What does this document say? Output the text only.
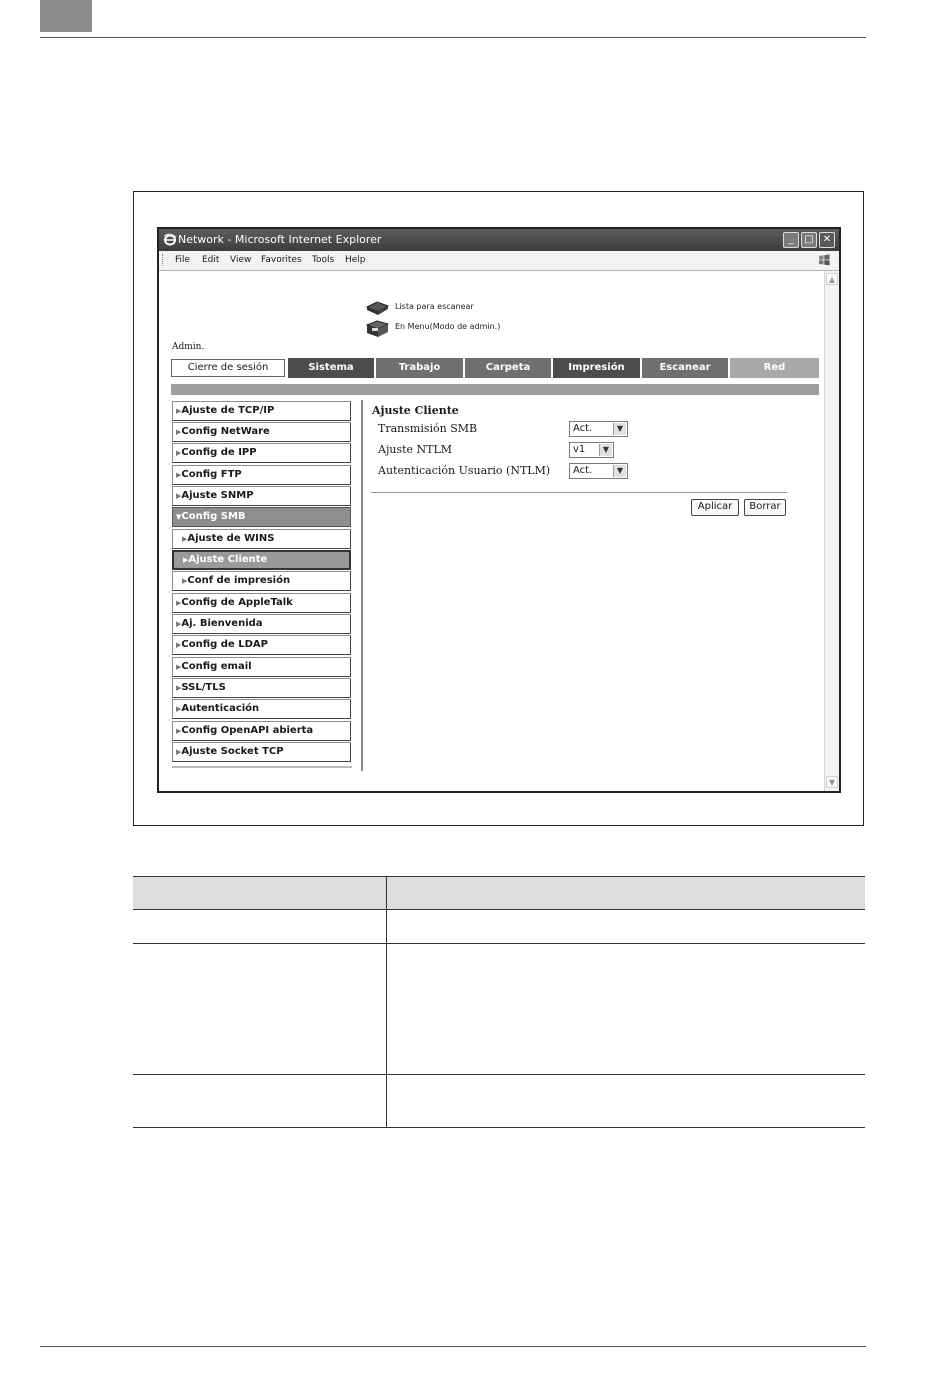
Network - Microsoft Internet Explorer	_	□ ✕
File Edit View Favorites Tools Help
Lista para escanear
En Menu(Modo de admin.)
Admin.
Cierre de sesión	Sistema	Trabajo	Carpeta	Impresión	Escanear	Red
▶Ajuste de TCP/IP
▶Config NetWare
▶Config de IPP
▶Config FTP
▶Ajuste SNMP
▼Config SMB
▶Ajuste de WINS
▶Ajuste Cliente
▶Conf de impresión
▶Config de AppleTalk
▶Aj. Bienvenida
▶Config de LDAP
▶Config email
▶SSL/TLS
▶Autenticación
▶Config OpenAPI abierta
▶Ajuste Socket TCP
Ajuste Cliente
Transmisión SMB	Act.	▼
Ajuste NTLM	v1	▼
Autenticación Usuario (NTLM) Act.	▼
Aplicar	Borrar
▲
▼
